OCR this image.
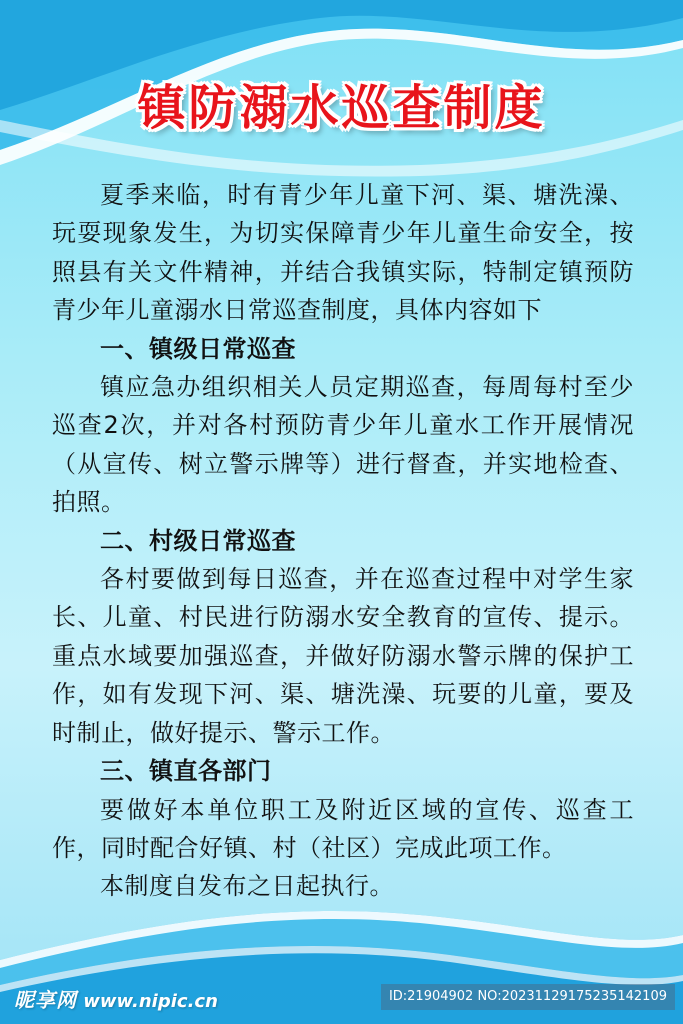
镇防溺水巡查制度

夏季来临，时有青少年儿童下河、渠、塘洗澡、玩耍现象发生，为切实保障青少年儿童生命安全，按照县有关文件精神，并结合我镇实际，特制定镇预防青少年儿童溺水日常巡查制度，具体内容如下

一、镇级日常巡查

镇应急办组织相关人员定期巡查，每周每村至少巡查2次，并对各村预防青少年儿童水工作开展情况（从宣传、树立警示牌等）进行督查，并实地检查、拍照。

二、村级日常巡查

各村要做到每日巡查，并在巡查过程中对学生家长、儿童、村民进行防溺水安全教育的宣传、提示。重点水域要加强巡查，并做好防溺水警示牌的保护工作，如有发现下河、渠、塘洗澡、玩要的儿童，要及时制止，做好提示、警示工作。

三、镇直各部门

要做好本单位职工及附近区域的宣传、巡查工作，同时配合好镇、村（社区）完成此项工作。

本制度自发布之日起执行。

昵享网 www.nipic.cn	ID:21904902 NO:20231129175235142109
